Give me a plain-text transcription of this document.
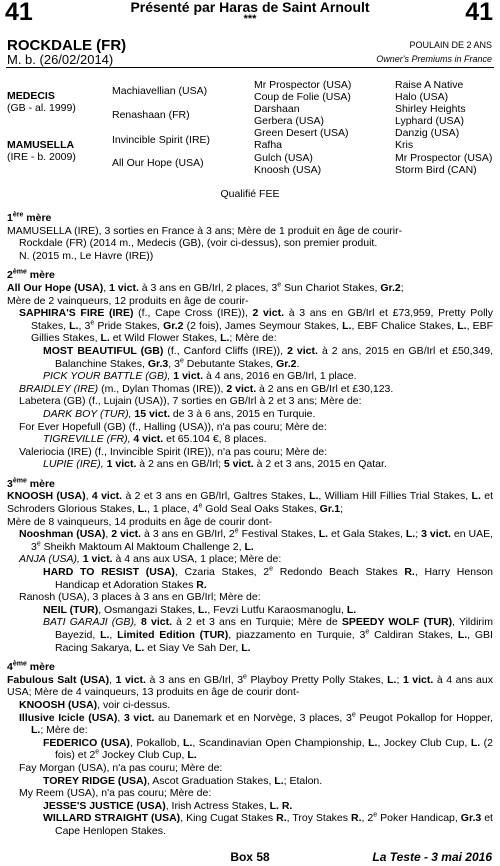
41	41
Présenté par Haras de Saint Arnoult
***
ROCKDALE (FR)
M. b. (26/02/2014)
POULAIN DE 2 ANS
Owner's Premiums in France
MEDECIS
(GB - al. 1999)
MAMUSELLA
(IRE - b. 2009)
Machiavellian (USA)
Renashaan (FR)
Invincible Spirit (IRE)
All Our Hope (USA)
Mr Prospector (USA)
Coup de Folie (USA)
Darshaan
Gerbera (USA)
Green Desert (USA)
Rafha
Gulch (USA)
Knoosh (USA)
Raise A Native
Halo (USA)
Shirley Heights
Lyphard (USA)
Danzig (USA)
Kris
Mr Prospector (USA)
Storm Bird (CAN)
Qualifié FEE
1ère mère
MAMUSELLA (IRE), 3 sorties en France à 3 ans; Mère de 1 produit en âge de courir-
Rockdale (FR) (2014 m., Medecis (GB), (voir ci-dessus), son premier produit.
N. (2015 m., Le Havre (IRE))
2ème mère
All Our Hope (USA), 1 vict. à 3 ans en GB/Irl, 2 places, 3e Sun Chariot Stakes, Gr.2;
Mère de 2 vainqueurs, 12 produits en âge de courir-
SAPHIRA'S FIRE (IRE) (f., Cape Cross (IRE)), 2 vict. à 3 ans en GB/Irl et £73,959, Pretty Polly Stakes, L., 3e Pride Stakes, Gr.2 (2 fois), James Seymour Stakes, L., EBF Chalice Stakes, L., EBF Gillies Stakes, L. et Wild Flower Stakes, L.; Mère de:
MOST BEAUTIFUL (GB) (f., Canford Cliffs (IRE)), 2 vict. à 2 ans, 2015 en GB/Irl et £50,349, Balanchine Stakes, Gr.3, 3e Debutante Stakes, Gr.2.
PICK YOUR BATTLE (GB), 1 vict. à 4 ans, 2016 en GB/Irl, 1 place.
BRAIDLEY (IRE) (m., Dylan Thomas (IRE)), 2 vict. à 2 ans en GB/Irl et £30,123.
Labetera (GB) (f., Lujain (USA)), 7 sorties en GB/Irl à 2 et 3 ans; Mère de:
DARK BOY (TUR), 15 vict. de 3 à 6 ans, 2015 en Turquie.
For Ever Hopefull (GB) (f., Halling (USA)), n'a pas couru; Mère de:
TIGREVILLE (FR), 4 vict. et 65.104 €, 8 places.
Valeriocia (IRE) (f., Invincible Spirit (IRE)), n'a pas couru; Mère de:
LUPIE (IRE), 1 vict. à 2 ans en GB/Irl; 5 vict. à 2 et 3 ans, 2015 en Qatar.
3ème mère
KNOOSH (USA), 4 vict. à 2 et 3 ans en GB/Irl, Galtres Stakes, L., William Hill Fillies Trial Stakes, L. et Schroders Glorious Stakes, L., 1 place, 4e Gold Seal Oaks Stakes, Gr.1;
Mère de 8 vainqueurs, 14 produits en âge de courir dont-
Nooshman (USA), 2 vict. à 3 ans en GB/Irl, 2e Festival Stakes, L. et Gala Stakes, L.; 3 vict. en UAE, 3e Sheikh Maktoum Al Maktoum Challenge 2, L.
ANJA (USA), 1 vict. à 4 ans aux USA, 1 place; Mère de:
HARD TO RESIST (USA), Czaria Stakes, 2e Redondo Beach Stakes R., Harry Henson Handicap et Adoration Stakes R.
Ranosh (USA), 3 places à 3 ans en GB/Irl; Mère de:
NEIL (TUR), Osmangazi Stakes, L., Fevzi Lutfu Karaosmanoglu, L.
BATI GARAJI (GB), 8 vict. à 2 et 3 ans en Turquie; Mère de SPEEDY WOLF (TUR), Yildirim Bayezid, L., Limited Edition (TUR), piazzamento en Turquie, 3e Caldiran Stakes, L., GBI Racing Sakarya, L. et Siay Ve Sah Der, L.
4ème mère
Fabulous Salt (USA), 1 vict. à 3 ans en GB/Irl, 3e Playboy Pretty Polly Stakes, L.; 1 vict. à 4 ans aux USA; Mère de 4 vainqueurs, 13 produits en âge de courir dont-
KNOOSH (USA), voir ci-dessus.
Illusive Icicle (USA), 3 vict. au Danemark et en Norvège, 3 places, 3e Peugot Pokallop for Hopper, L.; Mère de:
FEDERICO (USA), Pokallob, L., Scandinavian Open Championship, L., Jockey Club Cup, L. (2 fois) et 2e Jockey Club Cup, L.
Fay Morgan (USA), n'a pas couru; Mère de:
TOREY RIDGE (USA), Ascot Graduation Stakes, L.; Etalon.
My Reem (USA), n'a pas couru; Mère de:
JESSE'S JUSTICE (USA), Irish Actress Stakes, L. R.
WILLARD STRAIGHT (USA), King Cugat Stakes R., Troy Stakes R., 2e Poker Handicap, Gr.3 et Cape Henlopen Stakes.
Box 58	La Teste - 3 mai 2016
